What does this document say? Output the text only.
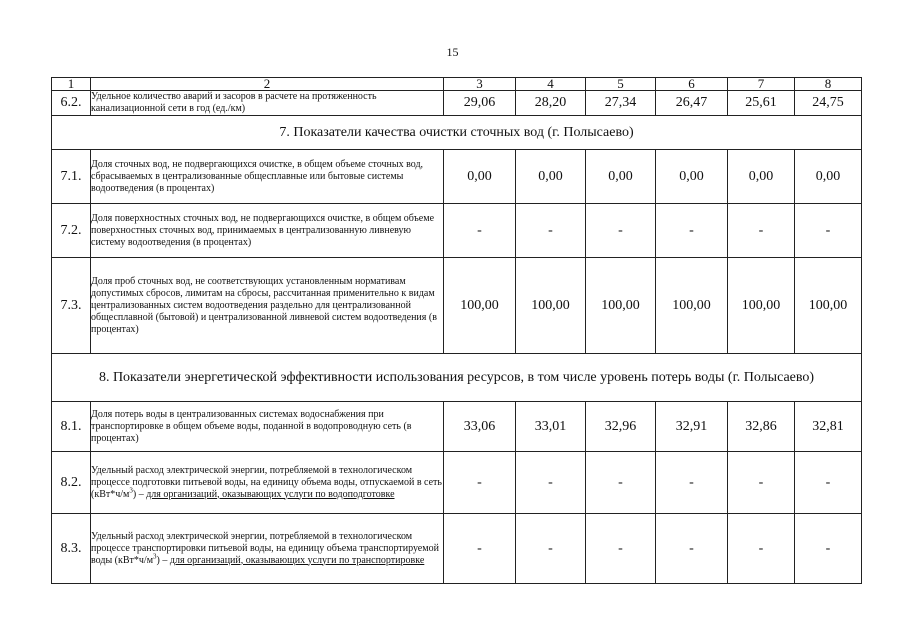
15
1	2	3	4	5	6	7	8
6.2.	Удельное количество аварий и засоров в расчете на протяженность канализационной сети в год (ед./км)	29,06	28,20	27,34	26,47	25,61	24,75
7. Показатели качества очистки сточных вод (г. Полысаево)							
7.1.	Доля сточных вод, не подвергающихся очистке, в общем объеме сточных вод, сбрасываемых в централизованные общесплавные или бытовые системы водоотведения (в процентах)	0,00	0,00	0,00	0,00	0,00	0,00
7.2.	Доля поверхностных сточных вод, не подвергающихся очистке, в общем объеме поверхностных сточных вод, принимаемых в централизованную ливневую систему водоотведения (в процентах)	-	-	-	-	-	-
7.3.	Доля проб сточных вод, не соответствующих установленным нормативам допустимых сбросов, лимитам на сбросы, рассчитанная применительно к видам централизованных систем водоотведения раздельно для централизованной общесплавной (бытовой) и централизованной ливневой систем водоотведения (в процентах)	100,00	100,00	100,00	100,00	100,00	100,00
8. Показатели энергетической эффективности использования ресурсов, в том числе уровень потерь воды (г. Полысаево)							
8.1.	Доля потерь воды в централизованных системах водоснабжения при транспортировке в общем объеме воды, поданной в водопроводную сеть (в процентах)	33,06	33,01	32,96	32,91	32,86	32,81
8.2.	Удельный расход электрической энергии, потребляемой в технологическом процессе подготовки питьевой воды, на единицу объема воды, отпускаемой в сеть $(кВт*ч/м^3)$ – для организаций, оказывающих услуги по водоподготовке	-	-	-	-	-	-
8.3.	Удельный расход электрической энергии, потребляемой в технологическом процессе транспортировки питьевой воды, на единицу объема транспортируемой воды $(кВт*ч/м^3)$ – для организаций, оказывающих услуги по транспортировке	-	-	-	-	-	-
